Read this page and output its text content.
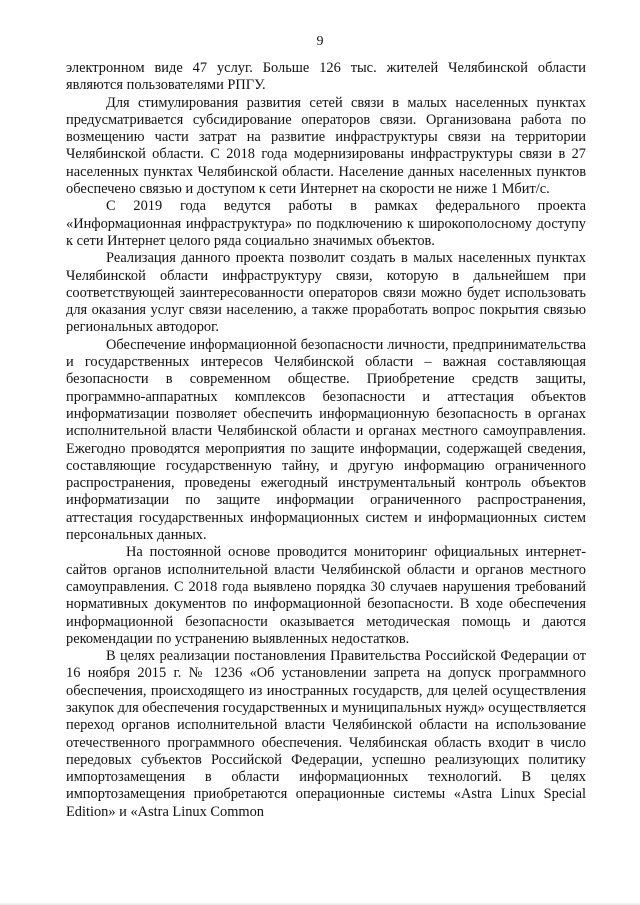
9

электронном виде 47 услуг. Больше 126 тыс. жителей Челябинской области являются пользователями РПГУ.

Для стимулирования развития сетей связи в малых населенных пунктах предусматривается субсидирование операторов связи. Организована работа по возмещению части затрат на развитие инфраструктуры связи на территории Челябинской области. С 2018 года модернизированы инфраструктуры связи в 27 населенных пунктах Челябинской области. Население данных населенных пунктов обеспечено связью и доступом к сети Интернет на скорости не ниже 1 Мбит/с.

С 2019 года ведутся работы в рамках федерального проекта «Информационная инфраструктура» по подключению к широкополосному доступу к сети Интернет целого ряда социально значимых объектов.

Реализация данного проекта позволит создать в малых населенных пунктах Челябинской области инфраструктуру связи, которую в дальнейшем при соответствующей заинтересованности операторов связи можно будет использовать для оказания услуг связи населению, а также проработать вопрос покрытия связью региональных автодорог.

Обеспечение информационной безопасности личности, предпринимательства и государственных интересов Челябинской области – важная составляющая безопасности в современном обществе. Приобретение средств защиты, программно-аппаратных комплексов безопасности и аттестация объектов информатизации позволяет обеспечить информационную безопасность в органах исполнительной власти Челябинской области и органах местного самоуправления. Ежегодно проводятся мероприятия по защите информации, содержащей сведения, составляющие государственную тайну, и другую информацию ограниченного распространения, проведены ежегодный инструментальный контроль объектов информатизации по защите информации ограниченного распространения, аттестация государственных информационных систем и информационных систем персональных данных.

На постоянной основе проводится мониторинг официальных интернет-сайтов органов исполнительной власти Челябинской области и органов местного самоуправления. С 2018 года выявлено порядка 30 случаев нарушения требований нормативных документов по информационной безопасности. В ходе обеспечения информационной безопасности оказывается методическая помощь и даются рекомендации по устранению выявленных недостатков.

В целях реализации постановления Правительства Российской Федерации от 16 ноября 2015 г. № 1236 «Об установлении запрета на допуск программного обеспечения, происходящего из иностранных государств, для целей осуществления закупок для обеспечения государственных и муниципальных нужд» осуществляется переход органов исполнительной власти Челябинской области на использование отечественного программного обеспечения. Челябинская область входит в число передовых субъектов Российской Федерации, успешно реализующих политику импортозамещения в области информационных технологий. В целях импортозамещения приобретаются операционные системы «Astra Linux Special Edition» и «Astra Linux Common
